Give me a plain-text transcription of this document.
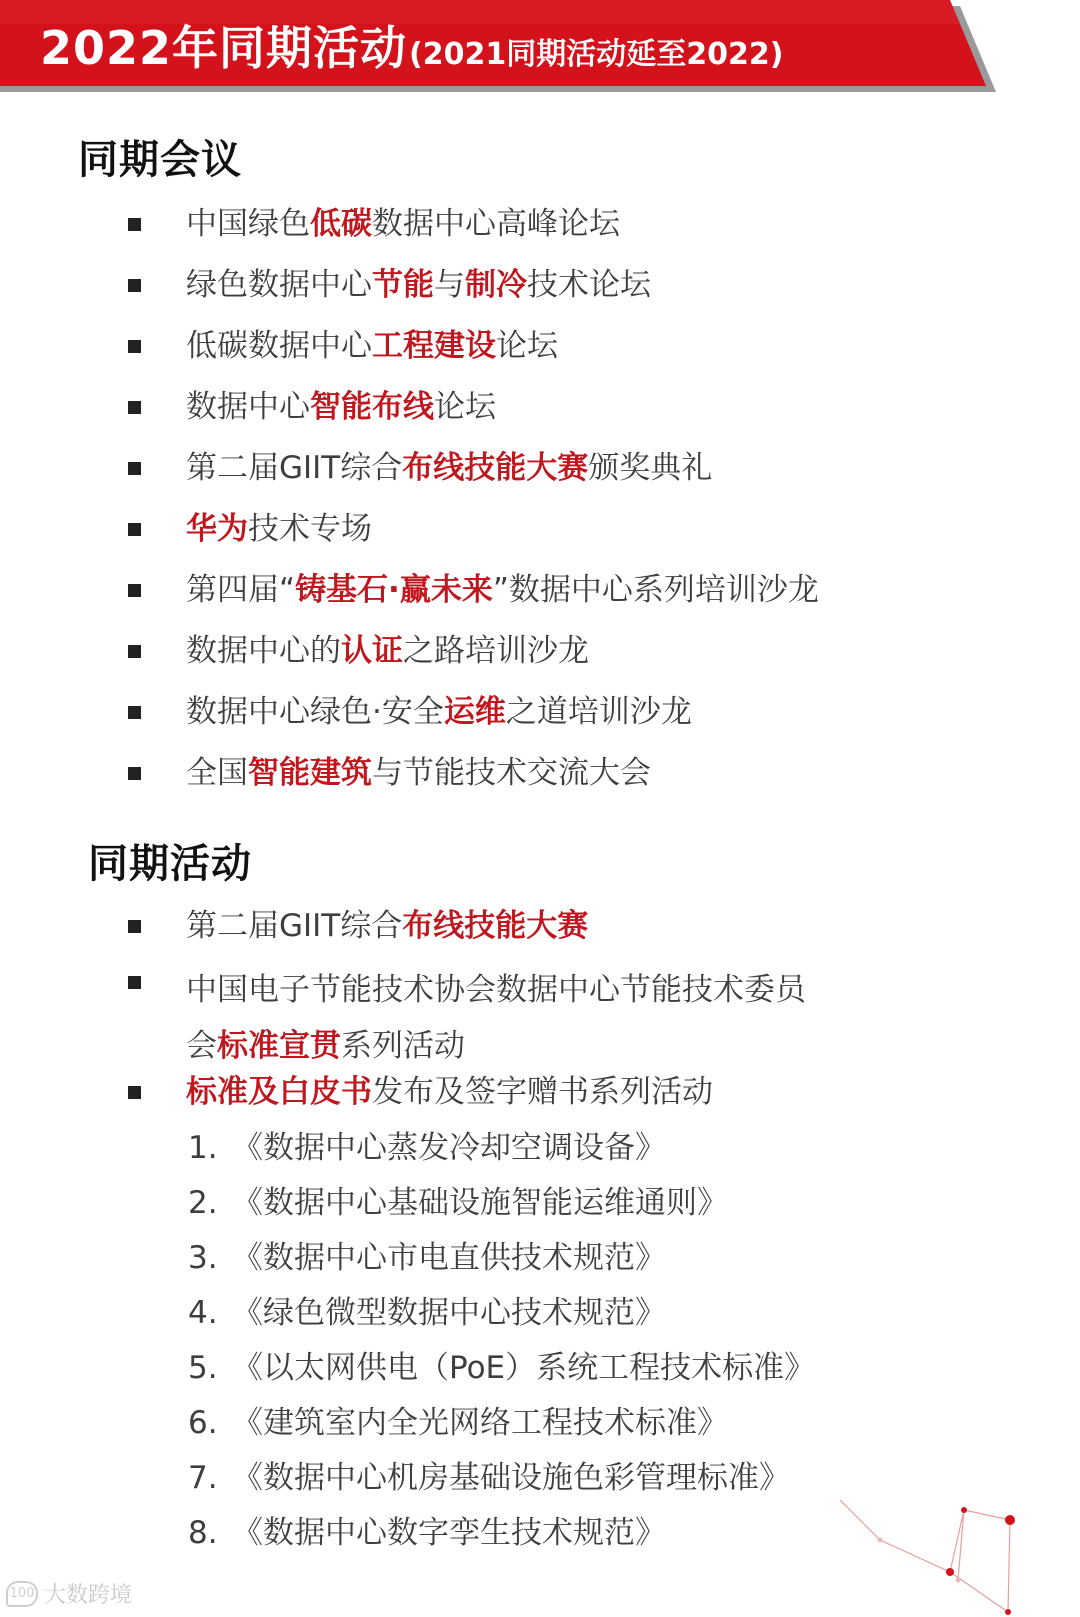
2022年同期活动 (2021同期活动延至2022)
同期会议
中国绿色低碳数据中心高峰论坛
绿色数据中心节能与制冷技术论坛
低碳数据中心工程建设论坛
数据中心智能布线论坛
第二届GIIT综合布线技能大赛颁奖典礼
华为技术专场
第四届“铸基石·赢未来”数据中心系列培训沙龙
数据中心的认证之路培训沙龙
数据中心绿色·安全运维之道培训沙龙
全国智能建筑与节能技术交流大会
同期活动
第二届GIIT综合布线技能大赛
中国电子节能技术协会数据中心节能技术委员会标准宣贯系列活动
标准及白皮书发布及签字赠书系列活动
1. 《数据中心蒸发冷却空调设备》
2. 《数据中心基础设施智能运维通则》
3. 《数据中心市电直供技术规范》
4. 《绿色微型数据中心技术规范》
5. 《以太网供电（PoE）系统工程技术标准》
6. 《建筑室内全光网络工程技术标准》
7. 《数据中心机房基础设施色彩管理标准》
8. 《数据中心数字孪生技术规范》
100 大数跨境
